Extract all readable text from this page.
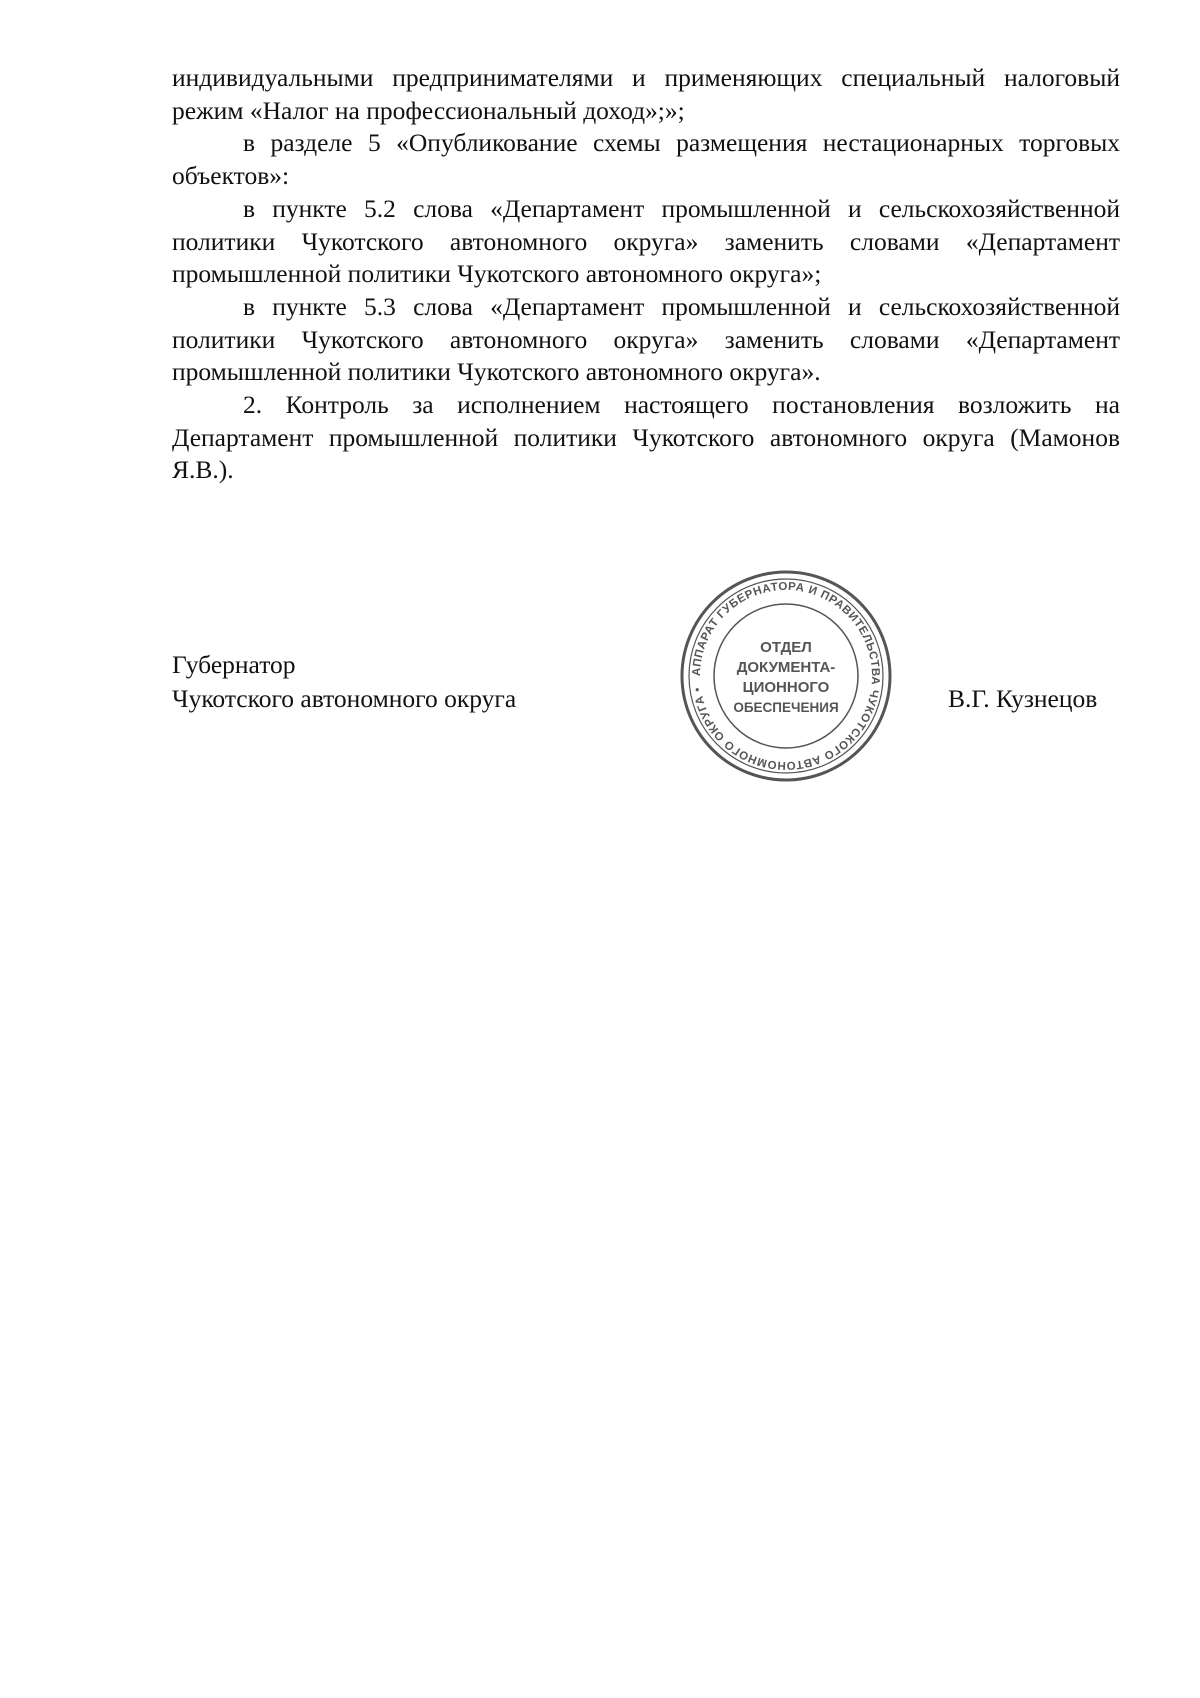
индивидуальными предпринимателями и применяющих специальный налоговый режим «Налог на профессиональный доход»;»;

в разделе 5 «Опубликование схемы размещения нестационарных торговых объектов»:

в пункте 5.2 слова «Департамент промышленной и сельскохозяйственной политики Чукотского автономного округа» заменить словами «Департамент промышленной политики Чукотского автономного округа»;

в пункте 5.3 слова «Департамент промышленной и сельскохозяйственной политики Чукотского автономного округа» заменить словами «Департамент промышленной политики Чукотского автономного округа».

2. Контроль за исполнением настоящего постановления возложить на Департамент промышленной политики Чукотского автономного округа (Мамонов Я.В.).

Губернатор
Чукотского автономного округа
АППАРАТ ГУБЕРНАТОРА И ПРАВИТЕЛЬСТВА ЧУКОТСКОГО АВТОНОМНОГО ОКРУГА •
ОТДЕЛ
ДОКУМЕНТА-
ЦИОННОГО
ОБЕСПЕЧЕНИЯ	В.Г. Кузнецов
